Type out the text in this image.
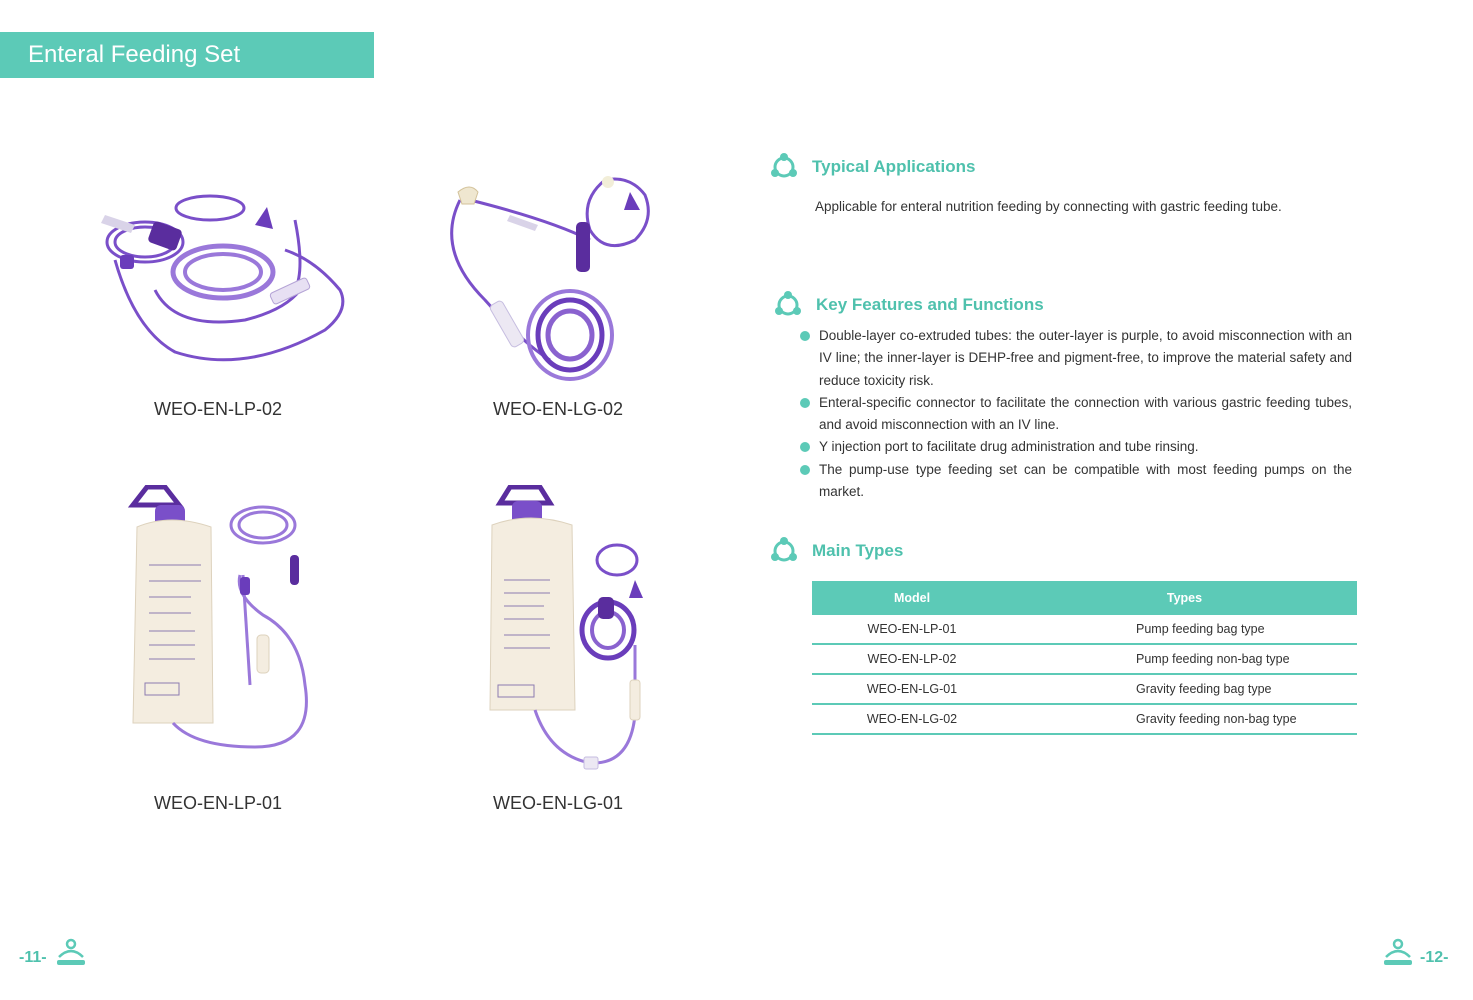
Enteral Feeding Set
WEO-EN-LP-02	WEO-EN-LG-02
WEO-EN-LP-01	WEO-EN-LG-01
Typical Applications
Applicable for enteral nutrition feeding by connecting with gastric feeding tube.
Key Features and Functions
Double-layer co-extruded tubes: the outer-layer is purple, to avoid misconnection with an IV line; the inner-layer is DEHP-free and pigment-free, to improve the material safety and reduce toxicity risk.
Enteral-specific connector to facilitate the connection with various gastric feeding tubes, and avoid misconnection with an IV line.
Y injection port to facilitate drug administration and tube rinsing.
The pump-use type feeding set can be compatible with most feeding pumps on the market.
Main Types
Model	Types
WEO-EN-LP-01	Pump feeding bag type
WEO-EN-LP-02	Pump feeding non-bag type
WEO-EN-LG-01	Gravity feeding bag type
WEO-EN-LG-02	Gravity feeding non-bag type
-11-	-12-
